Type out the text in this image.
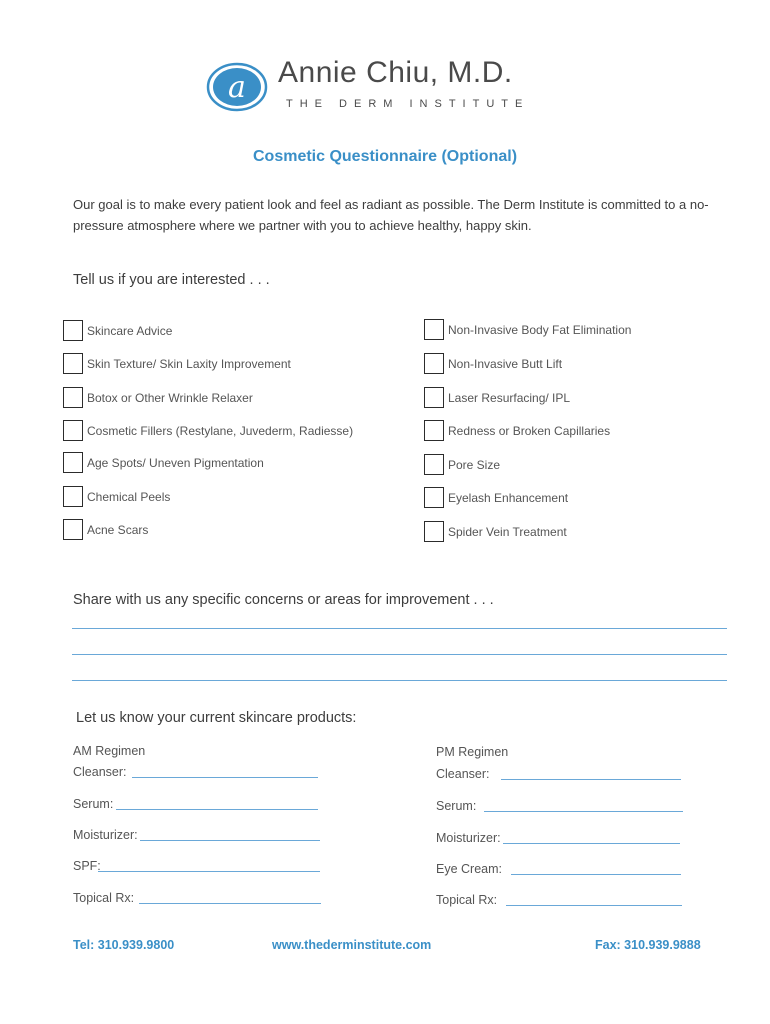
a Annie Chiu, M.D.
THE DERM INSTITUTE
Cosmetic Questionnaire (Optional)
Our goal is to make every patient look and feel as radiant as possible. The Derm Institute is committed to a no-pressure atmosphere where we partner with you to achieve healthy, happy skin.
Tell us if you are interested . . .
Skincare Advice
Skin Texture/ Skin Laxity Improvement
Botox or Other Wrinkle Relaxer
Cosmetic Fillers (Restylane, Juvederm, Radiesse)
Age Spots/ Uneven Pigmentation
Chemical Peels
Acne Scars
Non-Invasive Body Fat Elimination
Non-Invasive Butt Lift
Laser Resurfacing/ IPL
Redness or Broken Capillaries
Pore Size
Eyelash Enhancement
Spider Vein Treatment
Share with us any specific concerns or areas for improvement . . .
Let us know your current skincare products:
AM Regimen
Cleanser:
Serum:
Moisturizer:
SPF:
Topical Rx:
PM Regimen
Cleanser:
Serum:
Moisturizer:
Eye Cream:
Topical Rx:
Tel: 310.939.9800	www.thederminstitute.com	Fax: 310.939.9888
